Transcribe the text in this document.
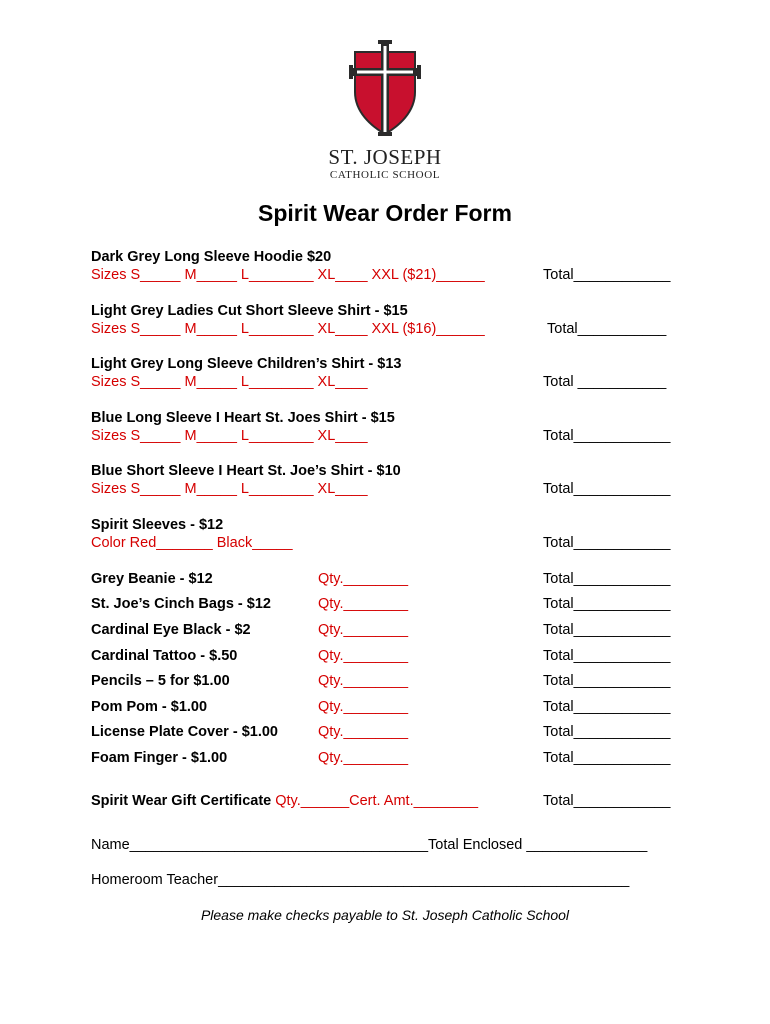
ST. JOSEPH
CATHOLIC SCHOOL
Spirit Wear Order Form
Dark Grey Long Sleeve Hoodie $20
Sizes S_____ M_____ L________ XL____ XXL ($21)______	Total____________
Light Grey Ladies Cut Short Sleeve Shirt - $15
Sizes S_____ M_____ L________ XL____ XXL ($16)______	Total___________
Light Grey Long Sleeve Children’s Shirt - $13
Sizes S_____ M_____ L________ XL____	Total ___________
Blue Long Sleeve I Heart St. Joes Shirt - $15
Sizes S_____ M_____ L________ XL____	Total____________
Blue Short Sleeve I Heart St. Joe’s Shirt - $10
Sizes S_____ M_____ L________ XL____	Total____________
Spirit Sleeves - $12
Color Red_______ Black_____	Total____________
Grey Beanie - $12	Qty.________	Total____________
St. Joe’s Cinch Bags - $12	Qty.________	Total____________
Cardinal Eye Black - $2	Qty.________	Total____________
Cardinal Tattoo - $.50	Qty.________	Total____________
Pencils – 5 for $1.00	Qty.________	Total____________
Pom Pom - $1.00	Qty.________	Total____________
License Plate Cover - $1.00	Qty.________	Total____________
Foam Finger - $1.00	Qty.________	Total____________
Spirit Wear Gift Certificate Qty.______Cert. Amt.________	Total____________
Name_____________________________________Total Enclosed _______________
Homeroom Teacher___________________________________________________
Please make checks payable to St. Joseph Catholic School
